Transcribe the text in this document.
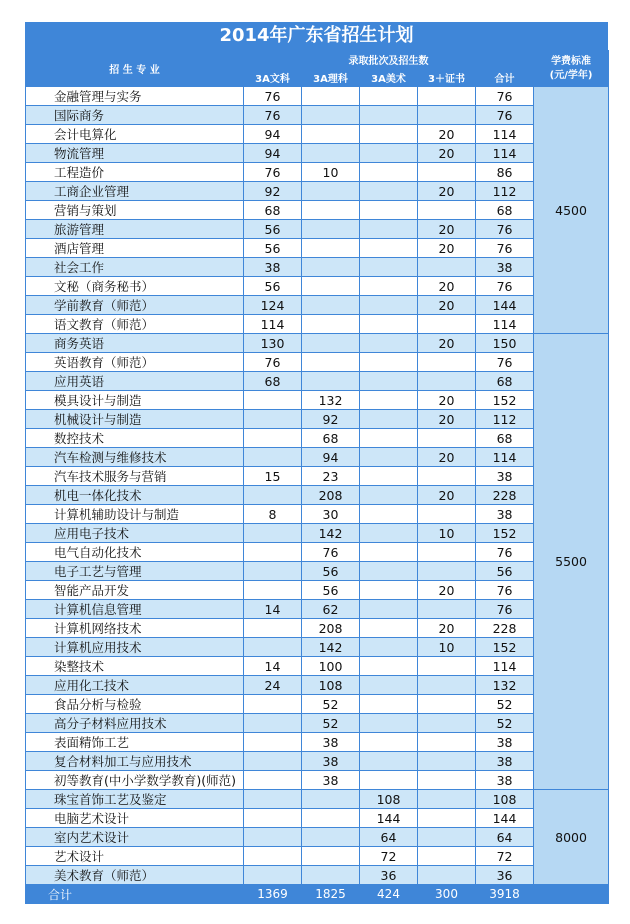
2014年广东省招生计划
招 生 专 业	录取批次及招生数					学费标准
(元/学年)

	3A文科	3A理科	3A美术	3＋证书	合计	
金融管理与实务	76				76	4500
国际商务	76				76	
会计电算化	94			20	114	
物流管理	94			20	114	
工程造价	76	10			86	
工商企业管理	92			20	112	
营销与策划	68				68	
旅游管理	56			20	76	
酒店管理	56			20	76	
社会工作	38				38	
文秘（商务秘书）	56			20	76	
学前教育（师范）	124			20	144	
语文教育（师范）	114				114	
商务英语	130			20	150	5500
英语教育（师范）	76				76	
应用英语	68				68	
模具设计与制造		132		20	152	
机械设计与制造		92		20	112	
数控技术		68			68	
汽车检测与维修技术		94		20	114	
汽车技术服务与营销	15	23			38	
机电一体化技术		208		20	228	
计算机辅助设计与制造	8	30			38	
应用电子技术		142		10	152	
电气自动化技术		76			76	
电子工艺与管理		56			56	
智能产品开发		56		20	76	
计算机信息管理	14	62			76	
计算机网络技术		208		20	228	
计算机应用技术		142		10	152	
染整技术	14	100			114	
应用化工技术	24	108			132	
食品分析与检验		52			52	
高分子材料应用技术		52			52	
表面精饰工艺		38			38	
复合材料加工与应用技术		38			38	
初等教育(中小学数学教育)(师范)		38			38	
珠宝首饰工艺及鉴定			108		108	8000
电脑艺术设计			144		144	
室内艺术设计			64		64	
艺术设计			72		72	
美术教育（师范）			36		36	
合计	1369	1825	424	300	3918	
